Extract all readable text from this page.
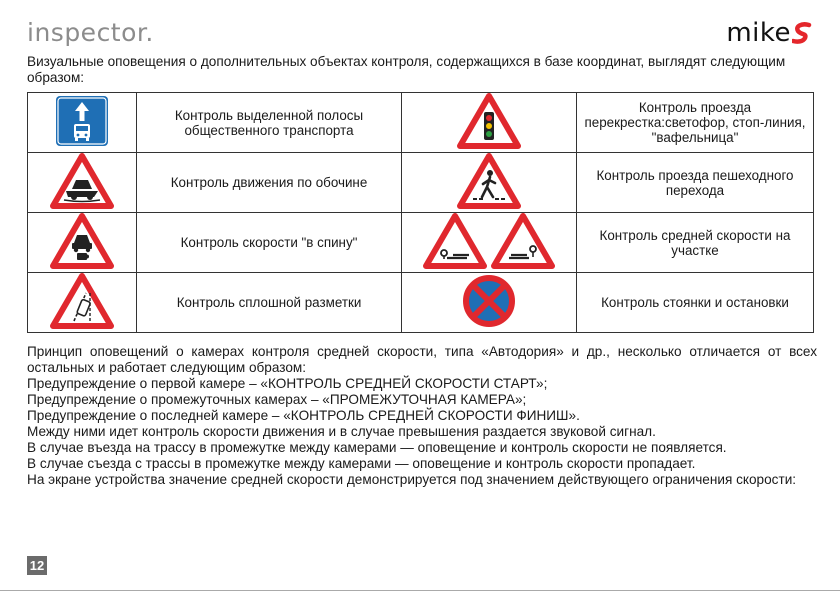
inspector.	mike
Визуальные оповещения о дополнительных объектах контроля, содержащихся в базе координат, выглядят следующим образом:
	Контроль выделенной полосы общественного транспорта		Контроль проезда перекрестка:светофор, стоп-линия, "вафельница"
	Контроль движения по обочине		Контроль проезда пешеходного перехода
	Контроль скорости "в спину"		Контроль средней скорости на участке
	Контроль сплошной разметки		Контроль стоянки и остановки

Принцип оповещений о камерах контроля средней скорости, типа «Автодория» и др., несколько отличается от всех

остальных и работает следующим образом:

Предупреждение о первой камере – «КОНТРОЛЬ СРЕДНЕЙ СКОРОСТИ СТАРТ»;

Предупреждение о промежуточных камерах – «ПРОМЕЖУТОЧНАЯ КАМЕРА»;

Предупреждение о последней камере – «КОНТРОЛЬ СРЕДНЕЙ СКОРОСТИ ФИНИШ».

Между ними идет контроль скорости движения и в случае превышения раздается звуковой сигнал.

В случае въезда на трассу в промежутке между камерами — оповещение и контроль скорости не появляется.

В случае съезда с трассы в промежутке между камерами — оповещение и контроль скорости пропадает.

На экране устройства значение средней скорости демонстрируется под значением действующего ограничения скорости:

12
